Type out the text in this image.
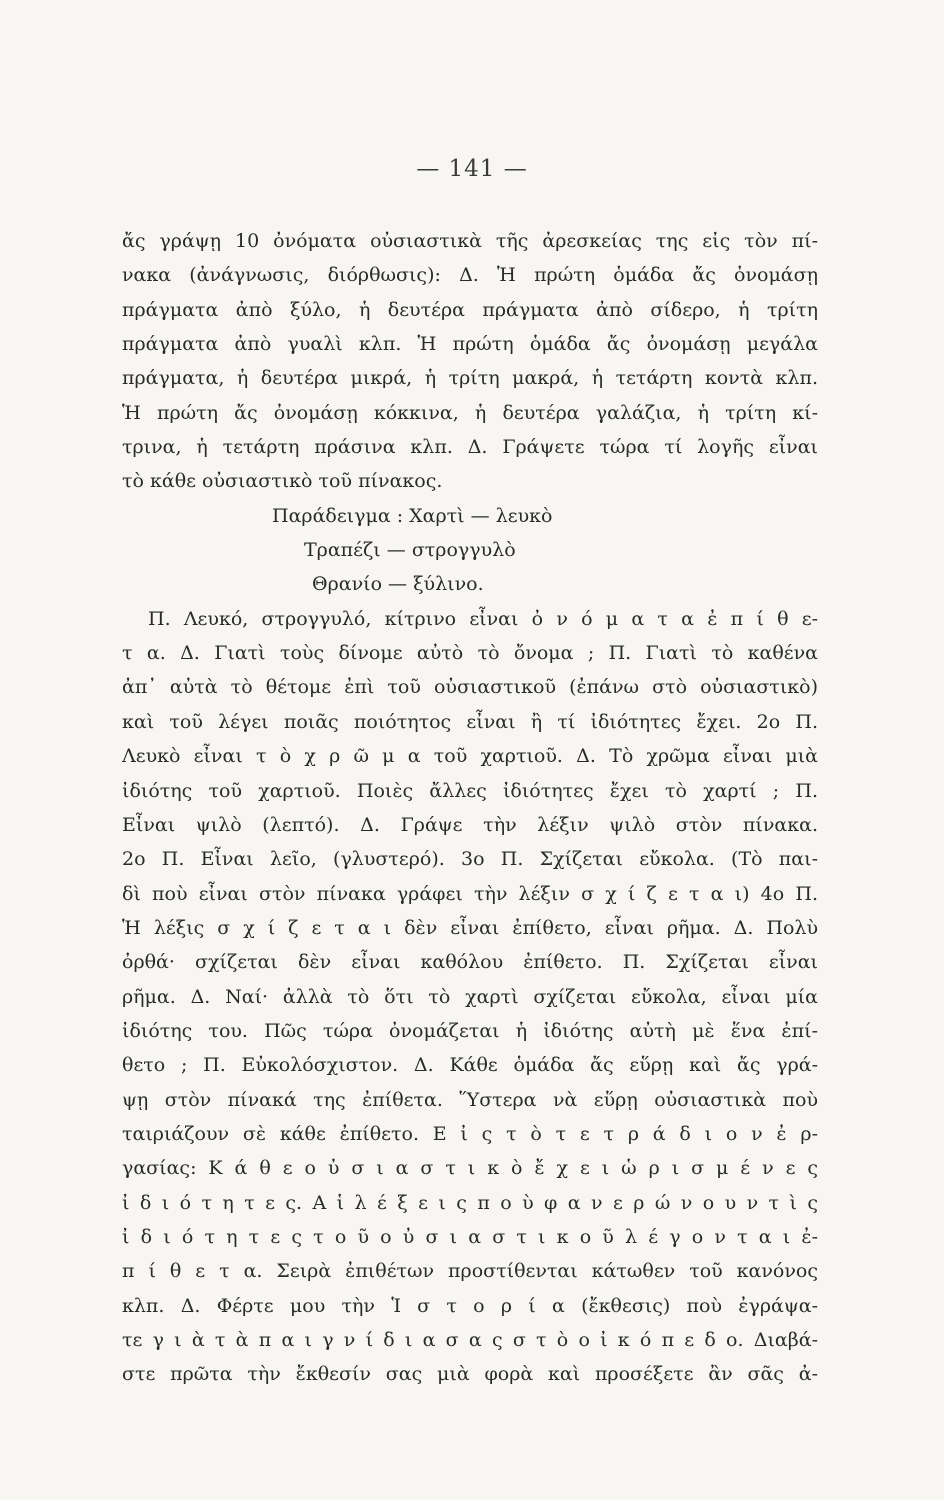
— 141 —
ἄς γράψῃ 10 ὀνόματα οὐσιαστικὰ τῆς ἀρεσκείας της εἰς τὸν πί-
νακα (ἀνάγνωσις, διόρθωσις): Δ. Ἡ πρώτη ὁμάδα ἄς ὀνομάσῃ
πράγματα ἀπὸ ξύλο, ἡ δευτέρα πράγματα ἀπὸ σίδερο, ἡ τρίτη
πράγματα ἀπὸ γυαλὶ κλπ. Ἡ πρώτη ὁμάδα ἄς ὀνομάσῃ μεγάλα
πράγματα, ἡ δευτέρα μικρά, ἡ τρίτη μακρά, ἡ τετάρτη κοντὰ κλπ.
Ἡ πρώτη ἄς ὀνομάσῃ κόκκινα, ἡ δευτέρα γαλάζια, ἡ τρίτη κί-
τρινα, ἡ τετάρτη πράσινα κλπ. Δ. Γράψετε τώρα τί λογῆς εἶναι
τὸ κάθε οὐσιαστικὸ τοῦ πίνακος.
Παράδειγμα : Χαρτὶ — λευκὸ
Τραπέζι — στρογγυλὸ
Θρανίο — ξύλινο.
Π. Λευκό, στρογγυλό, κίτρινο εἶναι ὀ ν ό μ α τ α ἐ π ί θ ε-
τ α. Δ. Γιατὶ τοὺς δίνομε αὐτὸ τὸ ὄνομα ; Π. Γιατὶ τὸ καθένα
ἀπ᾽ αὐτὰ τὸ θέτομε ἐπὶ τοῦ οὐσιαστικοῦ (ἐπάνω στὸ οὐσιαστικὸ)
καὶ τοῦ λέγει ποιᾶς ποιότητος εἶναι ἢ τί ἰδιότητες ἔχει. 2ο Π.
Λευκὸ εἶναι τ ὸ χ ρ ῶ μ α τοῦ χαρτιοῦ. Δ. Τὸ χρῶμα εἶναι μιὰ
ἰδιότης τοῦ χαρτιοῦ. Ποιὲς ἄλλες ἰδιότητες ἔχει τὸ χαρτί ; Π.
Εἶναι ψιλὸ (λεπτό). Δ. Γράψε τὴν λέξιν ψιλὸ στὸν πίνακα.
2ο Π. Εἶναι λεῖο, (γλυστερό). 3ο Π. Σχίζεται εὔκολα. (Τὸ παι-
δὶ ποὺ εἶναι στὸν πίνακα γράφει τὴν λέξιν σ χ ί ζ ε τ α ι) 4ο Π.
Ἡ λέξις σ χ ί ζ ε τ α ι δὲν εἶναι ἐπίθετο, εἶναι ρῆμα. Δ. Πολὺ
ὀρθά· σχίζεται δὲν εἶναι καθόλου ἐπίθετο. Π. Σχίζεται εἶναι
ρῆμα. Δ. Ναί· ἀλλὰ τὸ ὅτι τὸ χαρτὶ σχίζεται εὔκολα, εἶναι μία
ἰδιότης του. Πῶς τώρα ὀνομάζεται ἡ ἰδιότης αὐτὴ μὲ ἕνα ἐπί-
θετο ; Π. Εὐκολόσχιστον. Δ. Κάθε ὁμάδα ἄς εὕρῃ καὶ ἄς γρά-
ψῃ στὸν πίνακά της ἐπίθετα. Ὕστερα νὰ εὕρῃ οὐσιαστικὰ ποὺ
ταιριάζουν σὲ κάθε ἐπίθετο. Ε ἰ ς τ ὸ τ ε τ ρ ά δ ι ο ν ἐ ρ-
γασίας: Κ ά θ ε ο ὐ σ ι α σ τ ι κ ὸ ἔ χ ε ι ὡ ρ ι σ μ έ ν ε ς
ἰ δ ι ό τ η τ ε ς. Α ἱ λ έ ξ ε ι ς π ο ὺ φ α ν ε ρ ώ ν ο υ ν τ ὶ ς
ἰ δ ι ό τ η τ ε ς τ ο ῦ ο ὐ σ ι α σ τ ι κ ο ῦ λ έ γ ο ν τ α ι ἐ-
π ί θ ε τ α. Σειρὰ ἐπιθέτων προστίθενται κάτωθεν τοῦ κανόνος
κλπ. Δ. Φέρτε μου τὴν Ἱ σ τ ο ρ ί α (ἔκθεσις) ποὺ ἐγράψα-
τε γ ι ὰ τ ὰ π α ι γ ν ί δ ι α σ α ς σ τ ὸ ο ἰ κ ό π ε δ ο. Διαβά-
στε πρῶτα τὴν ἔκθεσίν σας μιὰ φορὰ καὶ προσέξετε ἂν σᾶς ἀ-
